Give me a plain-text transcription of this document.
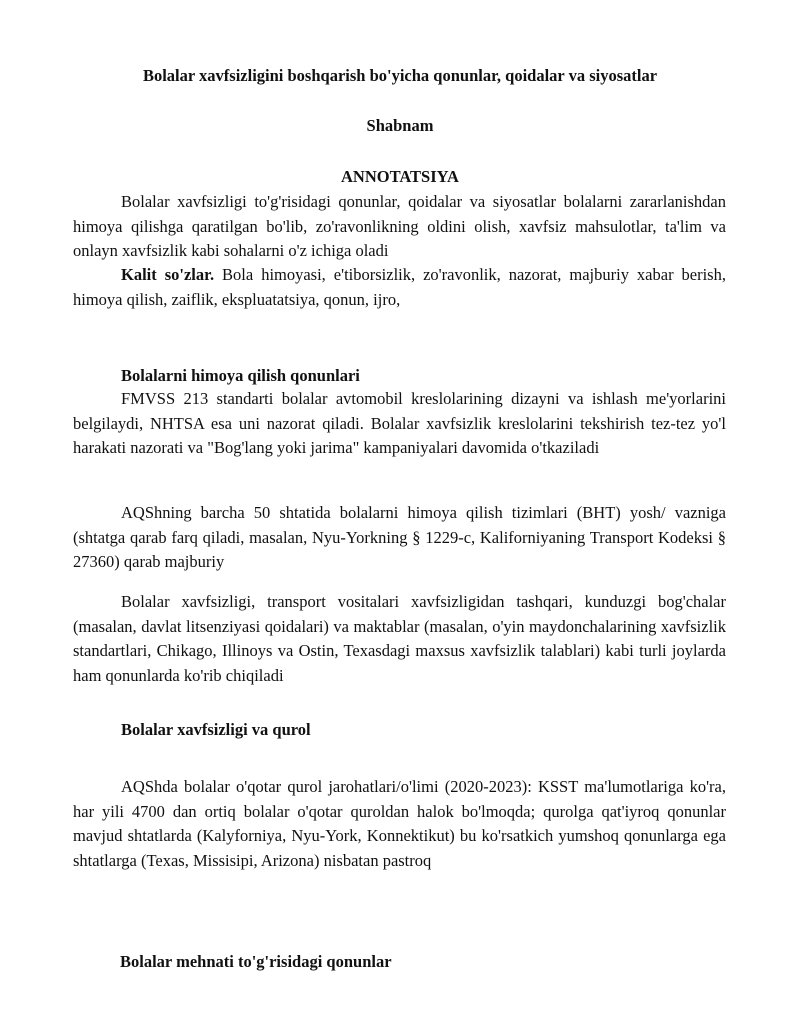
Bolalar xavfsizligini boshqarish bo'yicha qonunlar, qoidalar va siyosatlar
Shabnam
ANNOTATSIYA

Bolalar xavfsizligi to'g'risidagi qonunlar, qoidalar va siyosatlar bolalarni zararlanishdan himoya qilishga qaratilgan bo'lib, zo'ravonlikning oldini olish, xavfsiz mahsulotlar, ta'lim va onlayn xavfsizlik kabi sohalarni o'z ichiga oladi

Kalit so'zlar. Bola himoyasi, e'tiborsizlik, zo'ravonlik, nazorat, majburiy xabar berish, himoya qilish, zaiflik, ekspluatatsiya, qonun, ijro,

Bolalarni himoya qilish qonunlari

FMVSS 213 standarti bolalar avtomobil kreslolarining dizayni va ishlash me'yorlarini belgilaydi, NHTSA esa uni nazorat qiladi. Bolalar xavfsizlik kreslolarini tekshirish tez-tez yo'l harakati nazorati va "Bog'lang yoki jarima" kampaniyalari davomida o'tkaziladi

AQShning barcha 50 shtatida bolalarni himoya qilish tizimlari (BHT) yosh/ vazniga (shtatga qarab farq qiladi, masalan, Nyu-Yorkning § 1229-c, Kaliforniyaning Transport Kodeksi § 27360) qarab majburiy

Bolalar xavfsizligi, transport vositalari xavfsizligidan tashqari, kunduzgi bog'chalar (masalan, davlat litsenziyasi qoidalari) va maktablar (masalan, o'yin maydonchalarining xavfsizlik standartlari, Chikago, Illinoys va Ostin, Texasdagi maxsus xavfsizlik talablari) kabi turli joylarda ham qonunlarda ko'rib chiqiladi

Bolalar xavfsizligi va qurol

AQShda bolalar o'qotar qurol jarohatlari/o'limi (2020-2023): KSST ma'lumotlariga ko'ra, har yili 4700 dan ortiq bolalar o'qotar quroldan halok bo'lmoqda; qurolga qat'iyroq qonunlar mavjud shtatlarda (Kalyforniya, Nyu-York, Konnektikut) bu ko'rsatkich yumshoq qonunlarga ega shtatlarga (Texas, Missisipi, Arizona) nisbatan pastroq

Bolalar mehnati to'g'risidagi qonunlar
